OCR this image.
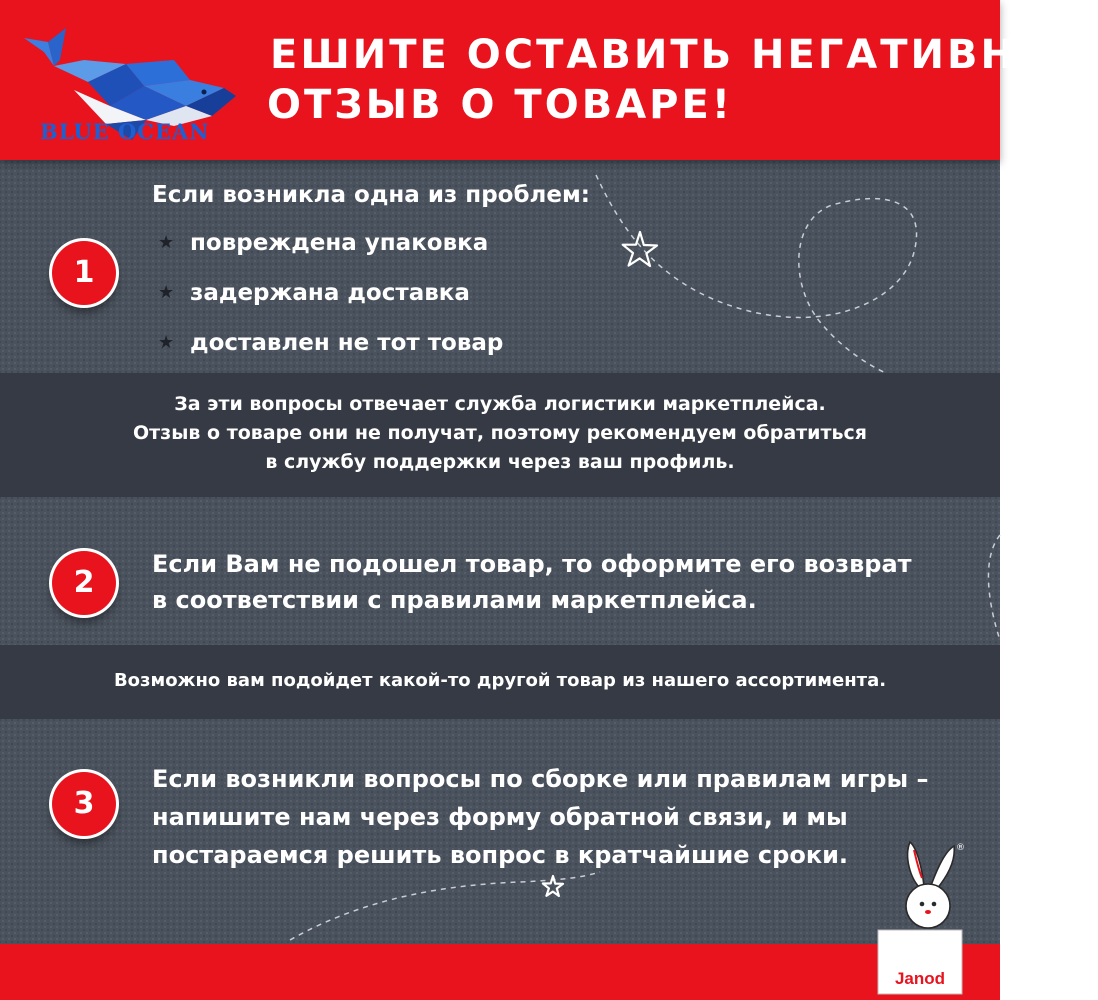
ЕШИТЕ ОСТАВИТЬ НЕГАТИВНЫЙ
ОТЗЫВ О ТОВАРЕ!
BLUE OCEAN
1
Если возникла одна из проблем:
★ повреждена упаковка
★ задержана доставка
★ доставлен не тот товар
За эти вопросы отвечает служба логистики маркетплейса.
Отзыв о товаре они не получат, поэтому рекомендуем обратиться
в службу поддержки через ваш профиль.
2
Если Вам не подошел товар, то оформите его возврат
в соответствии с правилами маркетплейса.
Возможно вам подойдет какой-то другой товар из нашего ассортимента.
3
Если возникли вопросы по сборке или правилам игры –
напишите нам через форму обратной связи, и мы
постараемся решить вопрос в кратчайшие сроки.	®
Janod
